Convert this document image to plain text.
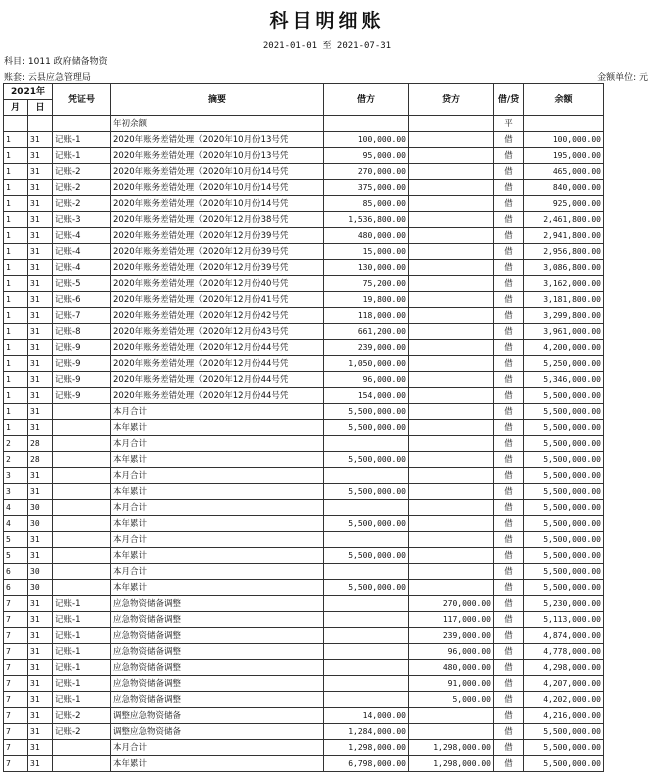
科目明细账
2021-01-01 至 2021-07-31
科目: 1011 政府储备物资
账套: 云县应急管理局	金额单位: 元
2021年		凭证号	摘要	借方	贷方	借/贷	余额
月	日						
			年初余额			平	
1	31	记账-1	2020年账务差错处理（2020年10月份13号凭	100,000.00		借	100,000.00
1	31	记账-1	2020年账务差错处理（2020年10月份13号凭	95,000.00		借	195,000.00
1	31	记账-2	2020年账务差错处理（2020年10月份14号凭	270,000.00		借	465,000.00
1	31	记账-2	2020年账务差错处理（2020年10月份14号凭	375,000.00		借	840,000.00
1	31	记账-2	2020年账务差错处理（2020年10月份14号凭	85,000.00		借	925,000.00
1	31	记账-3	2020年账务差错处理（2020年12月份38号凭	1,536,800.00		借	2,461,800.00
1	31	记账-4	2020年账务差错处理（2020年12月份39号凭	480,000.00		借	2,941,800.00
1	31	记账-4	2020年账务差错处理（2020年12月份39号凭	15,000.00		借	2,956,800.00
1	31	记账-4	2020年账务差错处理（2020年12月份39号凭	130,000.00		借	3,086,800.00
1	31	记账-5	2020年账务差错处理（2020年12月份40号凭	75,200.00		借	3,162,000.00
1	31	记账-6	2020年账务差错处理（2020年12月份41号凭	19,800.00		借	3,181,800.00
1	31	记账-7	2020年账务差错处理（2020年12月份42号凭	118,000.00		借	3,299,800.00
1	31	记账-8	2020年账务差错处理（2020年12月份43号凭	661,200.00		借	3,961,000.00
1	31	记账-9	2020年账务差错处理（2020年12月份44号凭	239,000.00		借	4,200,000.00
1	31	记账-9	2020年账务差错处理（2020年12月份44号凭	1,050,000.00		借	5,250,000.00
1	31	记账-9	2020年账务差错处理（2020年12月份44号凭	96,000.00		借	5,346,000.00
1	31	记账-9	2020年账务差错处理（2020年12月份44号凭	154,000.00		借	5,500,000.00
1	31		本月合计	5,500,000.00		借	5,500,000.00
1	31		本年累计	5,500,000.00		借	5,500,000.00
2	28		本月合计			借	5,500,000.00
2	28		本年累计	5,500,000.00		借	5,500,000.00
3	31		本月合计			借	5,500,000.00
3	31		本年累计	5,500,000.00		借	5,500,000.00
4	30		本月合计			借	5,500,000.00
4	30		本年累计	5,500,000.00		借	5,500,000.00
5	31		本月合计			借	5,500,000.00
5	31		本年累计	5,500,000.00		借	5,500,000.00
6	30		本月合计			借	5,500,000.00
6	30		本年累计	5,500,000.00		借	5,500,000.00
7	31	记账-1	应急物资储备调整		270,000.00	借	5,230,000.00
7	31	记账-1	应急物资储备调整		117,000.00	借	5,113,000.00
7	31	记账-1	应急物资储备调整		239,000.00	借	4,874,000.00
7	31	记账-1	应急物资储备调整		96,000.00	借	4,778,000.00
7	31	记账-1	应急物资储备调整		480,000.00	借	4,298,000.00
7	31	记账-1	应急物资储备调整		91,000.00	借	4,207,000.00
7	31	记账-1	应急物资储备调整		5,000.00	借	4,202,000.00
7	31	记账-2	调整应急物资储备	14,000.00		借	4,216,000.00
7	31	记账-2	调整应急物资储备	1,284,000.00		借	5,500,000.00
7	31		本月合计	1,298,000.00	1,298,000.00	借	5,500,000.00
7	31		本年累计	6,798,000.00	1,298,000.00	借	5,500,000.00
